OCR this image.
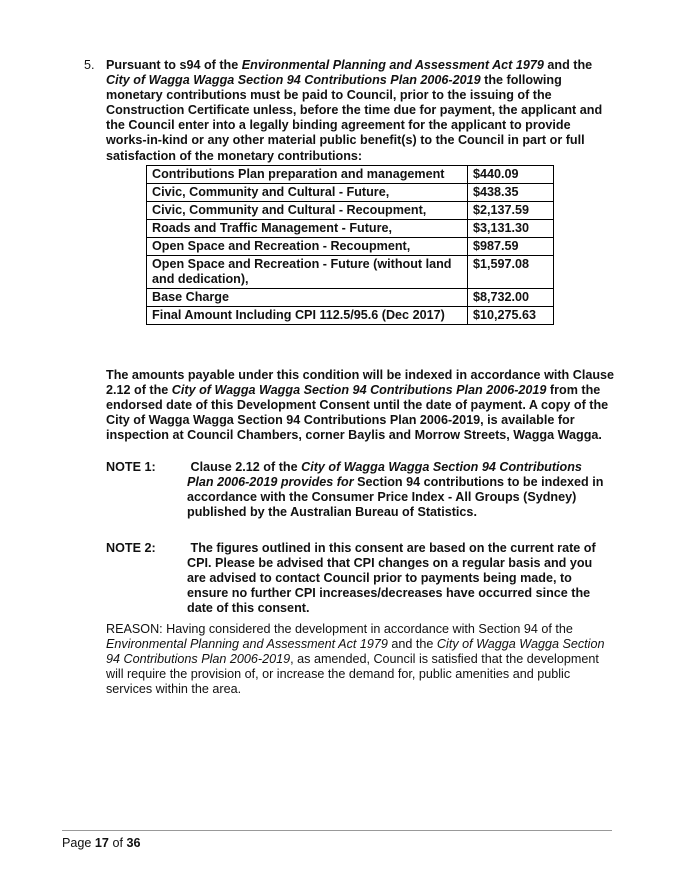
5. Pursuant to s94 of the Environmental Planning and Assessment Act 1979 and the City of Wagga Wagga Section 94 Contributions Plan 2006-2019 the following monetary contributions must be paid to Council, prior to the issuing of the Construction Certificate unless, before the time due for payment, the applicant and the Council enter into a legally binding agreement for the applicant to provide works-in-kind or any other material public benefit(s) to the Council in part or full satisfaction of the monetary contributions:
Contributions Plan preparation and management	$440.09
Civic, Community and Cultural - Future,	$438.35
Civic, Community and Cultural - Recoupment,	$2,137.59
Roads and Traffic Management - Future,	$3,131.30
Open Space and Recreation - Recoupment,	$987.59
Open Space and Recreation - Future (without land and dedication),	$1,597.08
Base Charge	$8,732.00
Final Amount Including CPI 112.5/95.6 (Dec 2017)	$10,275.63
The amounts payable under this condition will be indexed in accordance with Clause 2.12 of the City of Wagga Wagga Section 94 Contributions Plan 2006-2019 from the endorsed date of this Development Consent until the date of payment. A copy of the City of Wagga Wagga Section 94 Contributions Plan 2006-2019, is available for inspection at Council Chambers, corner Baylis and Morrow Streets, Wagga Wagga.
NOTE 1:	Clause 2.12 of the City of Wagga Wagga Section 94 Contributions Plan 2006-2019 provides for Section 94 contributions to be indexed in accordance with the Consumer Price Index - All Groups (Sydney) published by the Australian Bureau of Statistics.
NOTE 2:	The figures outlined in this consent are based on the current rate of CPI. Please be advised that CPI changes on a regular basis and you are advised to contact Council prior to payments being made, to ensure no further CPI increases/decreases have occurred since the date of this consent.
REASON: Having considered the development in accordance with Section 94 of the Environmental Planning and Assessment Act 1979 and the City of Wagga Wagga Section 94 Contributions Plan 2006-2019, as amended, Council is satisfied that the development will require the provision of, or increase the demand for, public amenities and public services within the area.
Page 17 of 36
